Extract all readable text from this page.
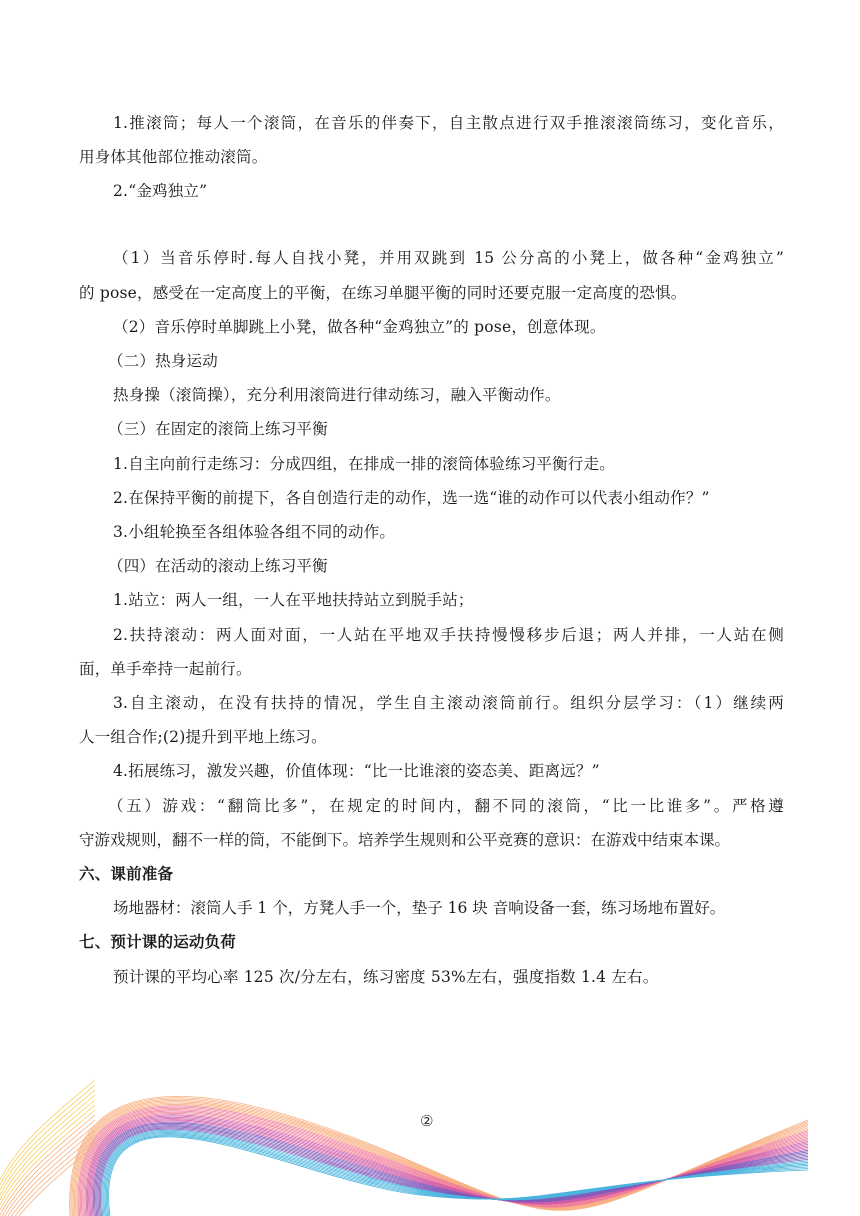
1.推滚筒；每人一个滚筒，在音乐的伴奏下，自主散点进行双手推滚滚筒练习，变化音乐，
用身体其他部位推动滚筒。
2.“金鸡独立”
（1）当音乐停时.每人自找小凳，并用双跳到 15 公分高的小凳上，做各种“金鸡独立”
的 pose，感受在一定高度上的平衡，在练习单腿平衡的同时还要克服一定高度的恐惧。
（2）音乐停时单脚跳上小凳，做各种“金鸡独立”的 pose，创意体现。
（二）热身运动
热身操（滚筒操），充分利用滚筒进行律动练习，融入平衡动作。
（三）在固定的滚筒上练习平衡
1.自主向前行走练习：分成四组，在排成一排的滚筒体验练习平衡行走。
2.在保持平衡的前提下，各自创造行走的动作，选一选“谁的动作可以代表小组动作？”
3.小组轮换至各组体验各组不同的动作。
（四）在活动的滚动上练习平衡
1.站立：两人一组，一人在平地扶持站立到脱手站；
2.扶持滚动：两人面对面，一人站在平地双手扶持慢慢移步后退；两人并排，一人站在侧
面，单手牵持一起前行。
3.自主滚动，在没有扶持的情况，学生自主滚动滚筒前行。组织分层学习：（1）继续两
人一组合作;(2)提升到平地上练习。
4.拓展练习，激发兴趣，价值体现：“比一比谁滚的姿态美、距离远？”
（五）游戏：“翻筒比多”，在规定的时间内，翻不同的滚筒，“比一比谁多”。严格遵
守游戏规则，翻不一样的筒，不能倒下。培养学生规则和公平竞赛的意识：在游戏中结束本课。
六、课前准备
场地器材：滚筒人手 1 个，方凳人手一个，垫子 16 块 音响设备一套，练习场地布置好。
七、预计课的运动负荷
预计课的平均心率 125 次/分左右，练习密度 53%左右，强度指数 1.4 左右。
②
